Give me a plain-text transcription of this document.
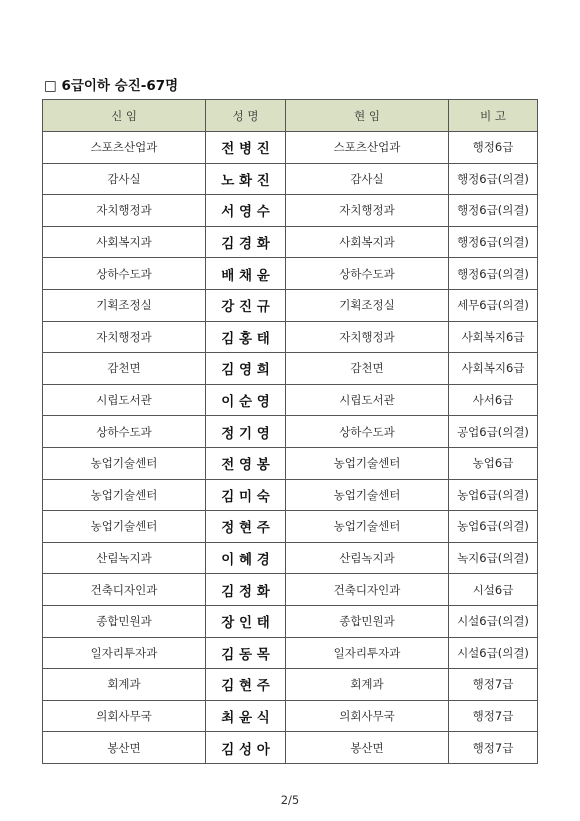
□ 6급이하 승진-67명
신 임	성 명	현 임	비 고
스포츠산업과	전 병 진	스포츠산업과	행정6급
감사실	노 화 진	감사실	행정6급(의결)
자치행정과	서 영 수	자치행정과	행정6급(의결)
사회복지과	김 경 화	사회복지과	행정6급(의결)
상하수도과	배 채 윤	상하수도과	행정6급(의결)
기획조정실	강 진 규	기획조정실	세무6급(의결)
자치행정과	김 홍 태	자치행정과	사회복지6급
감천면	김 영 희	감천면	사회복지6급
시립도서관	이 순 영	시립도서관	사서6급
상하수도과	정 기 영	상하수도과	공업6급(의결)
농업기술센터	전 영 봉	농업기술센터	농업6급
농업기술센터	김 미 숙	농업기술센터	농업6급(의결)
농업기술센터	정 현 주	농업기술센터	농업6급(의결)
산림녹지과	이 혜 경	산림녹지과	녹지6급(의결)
건축디자인과	김 정 화	건축디자인과	시설6급
종합민원과	장 인 태	종합민원과	시설6급(의결)
일자리투자과	김 동 목	일자리투자과	시설6급(의결)
회계과	김 현 주	회계과	행정7급
의회사무국	최 윤 식	의회사무국	행정7급
봉산면	김 성 아	봉산면	행정7급
2/5
